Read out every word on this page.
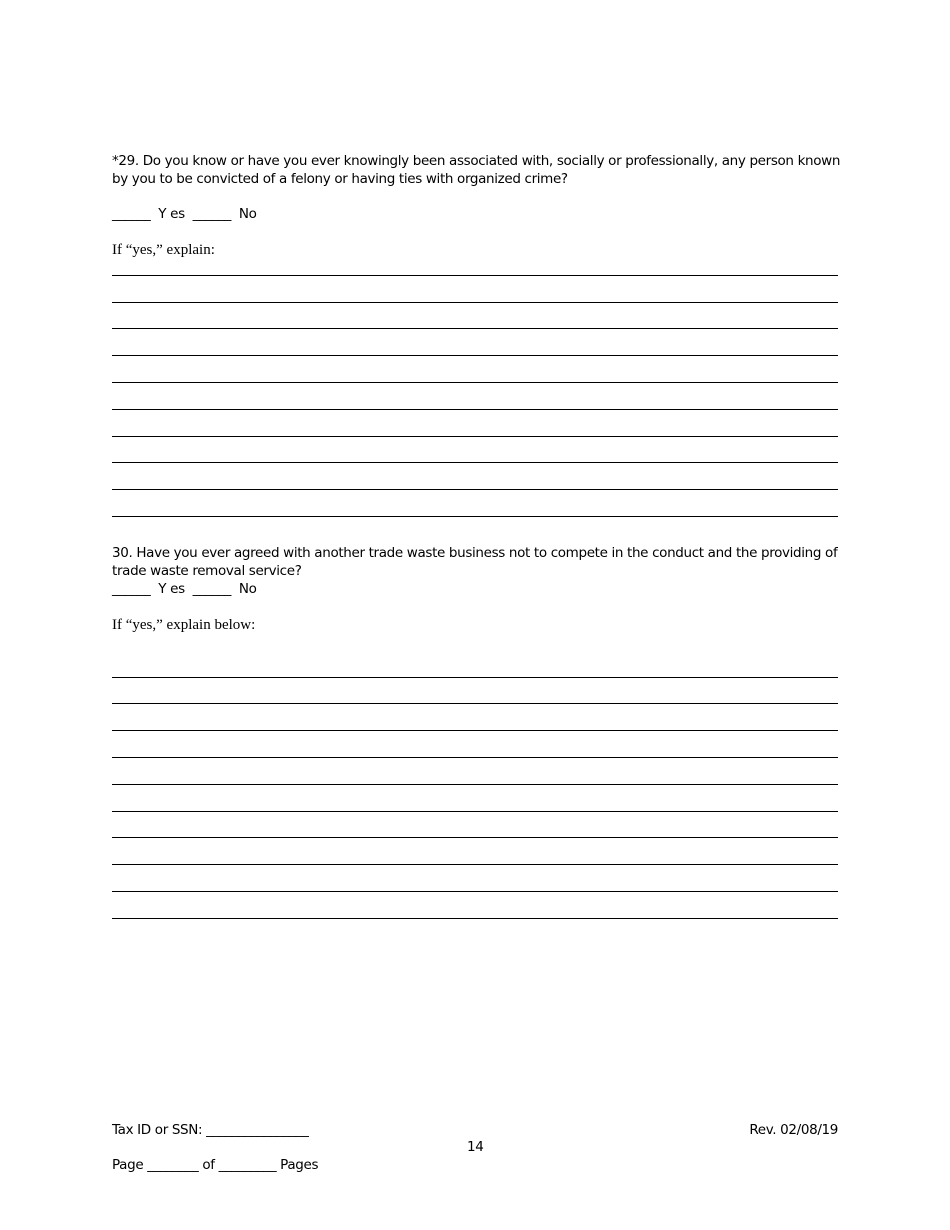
*29. Do you know or have you ever knowingly been associated with, socially or professionally, any person known by you to be convicted of a felony or having ties with organized crime?

______  Y es  ______  No
If “yes,” explain:

30. Have you ever agreed with another trade waste business not to compete in the conduct and the providing of trade waste removal service?

______  Y es  ______  No
If “yes,” explain below:
Tax ID or SSN: ________________
14
Rev. 02/08/19
Page ________ of _________ Pages
